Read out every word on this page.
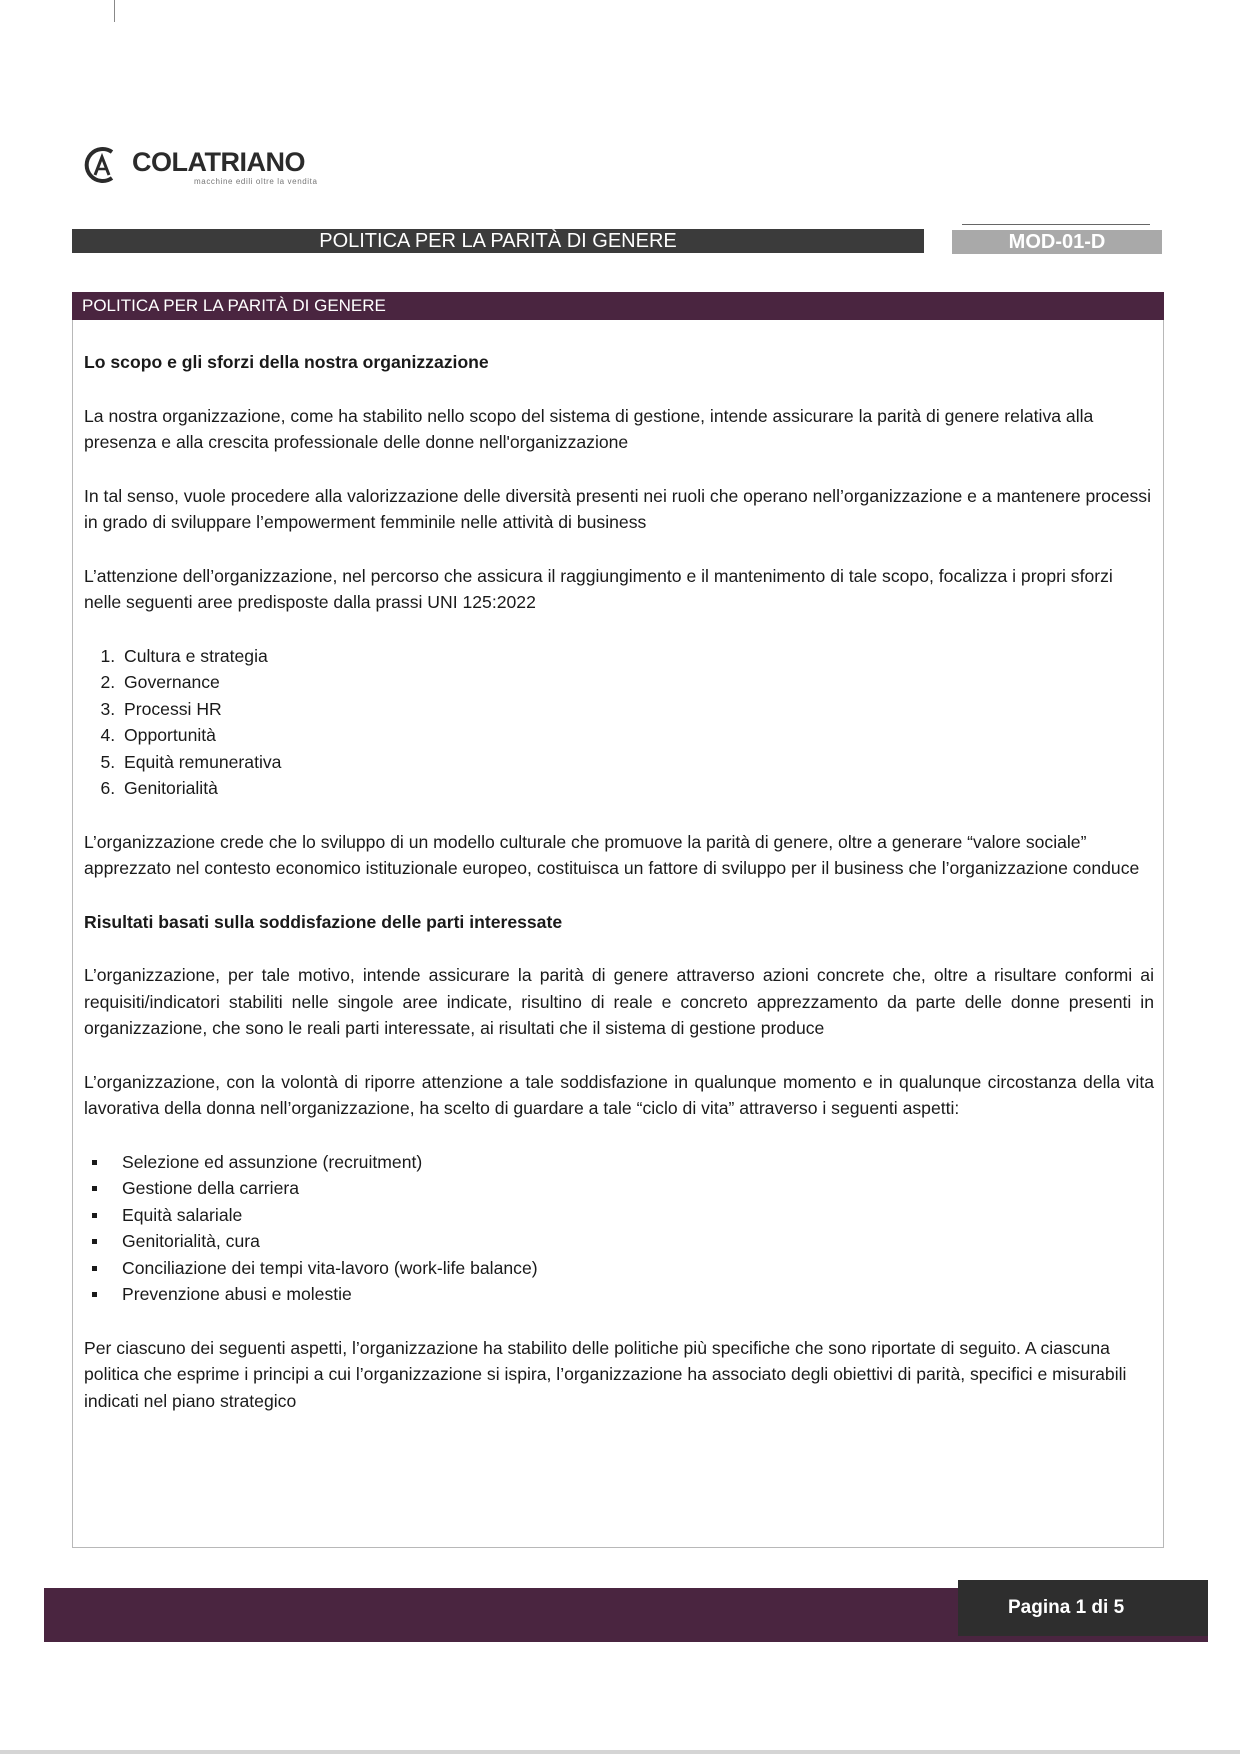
COLATRIANO
macchine edili oltre la vendita
POLITICA PER LA PARITÀ DI GENERE	MOD-01-D
POLITICA PER LA PARITÀ DI GENERE
Lo scopo e gli sforzi della nostra organizzazione

La nostra organizzazione, come ha stabilito nello scopo del sistema di gestione, intende assicurare la parità di genere relativa alla presenza e alla crescita professionale delle donne nell'organizzazione

In tal senso, vuole procedere alla valorizzazione delle diversità presenti nei ruoli che operano nell’organizzazione e a mantenere processi in grado di sviluppare l’empowerment femminile nelle attività di business

L’attenzione dell’organizzazione, nel percorso che assicura il raggiungimento e il mantenimento di tale scopo, focalizza i propri sforzi nelle seguenti aree predisposte dalla prassi UNI 125:2022

1. Cultura e strategia
2. Governance
3. Processi HR
4. Opportunità
5. Equità remunerativa
6. Genitorialità

L’organizzazione crede che lo sviluppo di un modello culturale che promuove la parità di genere, oltre a generare “valore sociale” apprezzato nel contesto economico istituzionale europeo, costituisca un fattore di sviluppo per il business che l’organizzazione conduce

Risultati basati sulla soddisfazione delle parti interessate

L’organizzazione, per tale motivo, intende assicurare la parità di genere attraverso azioni concrete che, oltre a risultare conformi ai requisiti/indicatori stabiliti nelle singole aree indicate, risultino di reale e concreto apprezzamento da parte delle donne presenti in organizzazione, che sono le reali parti interessate, ai risultati che il sistema di gestione produce

L’organizzazione, con la volontà di riporre attenzione a tale soddisfazione in qualunque momento e in qualunque circostanza della vita lavorativa della donna nell’organizzazione, ha scelto di guardare a tale “ciclo di vita” attraverso i seguenti aspetti:

Selezione ed assunzione (recruitment)
Gestione della carriera
Equità salariale
Genitorialità, cura
Conciliazione dei tempi vita-lavoro (work-life balance)
Prevenzione abusi e molestie

Per ciascuno dei seguenti aspetti, l’organizzazione ha stabilito delle politiche più specifiche che sono riportate di seguito. A ciascuna politica che esprime i principi a cui l’organizzazione si ispira, l’organizzazione ha associato degli obiettivi di parità, specifici e misurabili indicati nel piano strategico

Pagina 1 di 5
